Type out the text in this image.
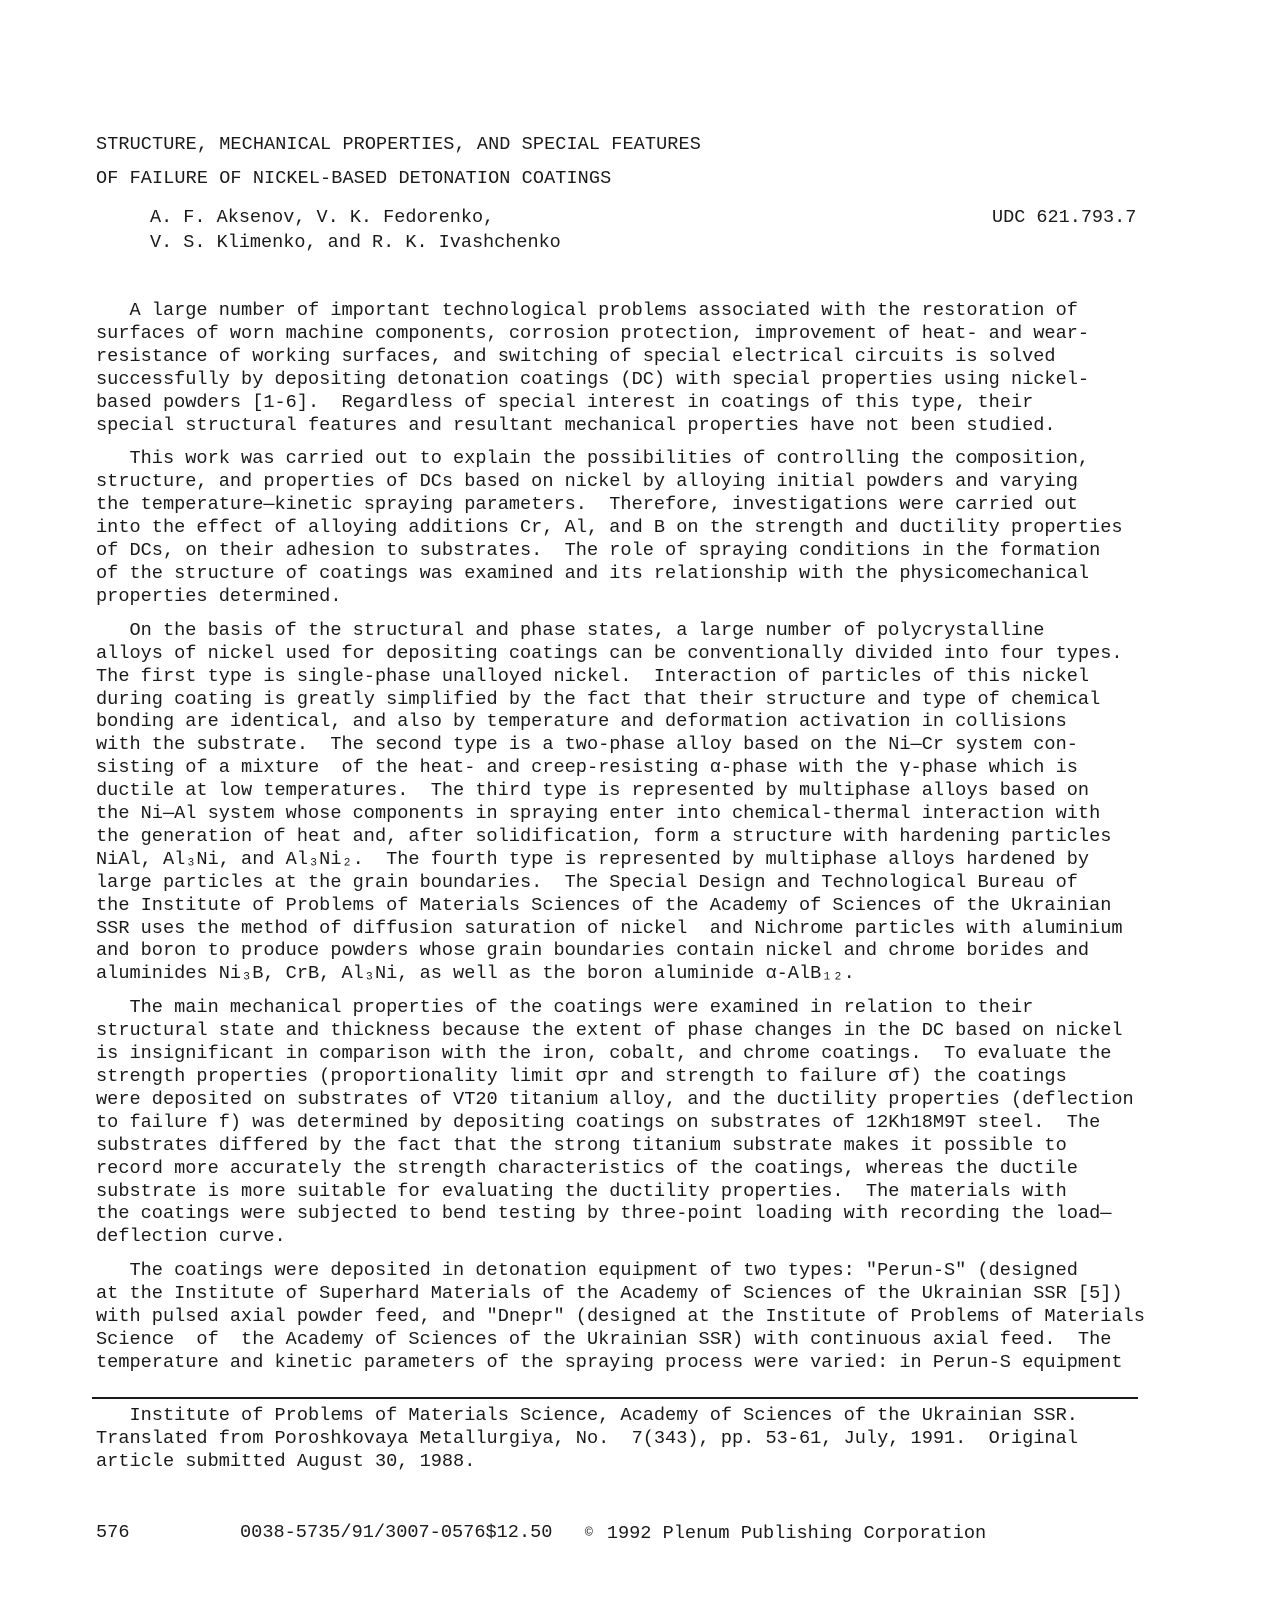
STRUCTURE, MECHANICAL PROPERTIES, AND SPECIAL FEATURES
OF FAILURE OF NICKEL-BASED DETONATION COATINGS
A. F. Aksenov, V. K. Fedorenko,
V. S. Klimenko, and R. K. Ivashchenko
UDC 621.793.7

A large number of important technological problems associated with the restoration of
surfaces of worn machine components, corrosion protection, improvement of heat- and wear-
resistance of working surfaces, and switching of special electrical circuits is solved
successfully by depositing detonation coatings (DC) with special properties using nickel-
based powders [1-6].  Regardless of special interest in coatings of this type, their
special structural features and resultant mechanical properties have not been studied.

This work was carried out to explain the possibilities of controlling the composition,
structure, and properties of DCs based on nickel by alloying initial powders and varying
the temperature—kinetic spraying parameters.  Therefore, investigations were carried out
into the effect of alloying additions Cr, Al, and B on the strength and ductility properties
of DCs, on their adhesion to substrates.  The role of spraying conditions in the formation
of the structure of coatings was examined and its relationship with the physicomechanical
properties determined.

On the basis of the structural and phase states, a large number of polycrystalline
alloys of nickel used for depositing coatings can be conventionally divided into four types.
The first type is single-phase unalloyed nickel.  Interaction of particles of this nickel
during coating is greatly simplified by the fact that their structure and type of chemical
bonding are identical, and also by temperature and deformation activation in collisions
with the substrate.  The second type is a two-phase alloy based on the Ni—Cr system con-
sisting of a mixture  of the heat- and creep-resisting α-phase with the γ-phase which is
ductile at low temperatures.  The third type is represented by multiphase alloys based on
the Ni—Al system whose components in spraying enter into chemical-thermal interaction with
the generation of heat and, after solidification, form a structure with hardening particles
NiAl, Al₃Ni, and Al₃Ni₂.  The fourth type is represented by multiphase alloys hardened by
large particles at the grain boundaries.  The Special Design and Technological Bureau of
the Institute of Problems of Materials Sciences of the Academy of Sciences of the Ukrainian
SSR uses the method of diffusion saturation of nickel  and Nichrome particles with aluminium
and boron to produce powders whose grain boundaries contain nickel and chrome borides and
aluminides Ni₃B, CrB, Al₃Ni, as well as the boron aluminide α-AlB₁₂.

The main mechanical properties of the coatings were examined in relation to their
structural state and thickness because the extent of phase changes in the DC based on nickel
is insignificant in comparison with the iron, cobalt, and chrome coatings.  To evaluate the
strength properties (proportionality limit σpr and strength to failure σf) the coatings
were deposited on substrates of VT20 titanium alloy, and the ductility properties (deflection
to failure f) was determined by depositing coatings on substrates of 12Kh18M9T steel.  The
substrates differed by the fact that the strong titanium substrate makes it possible to
record more accurately the strength characteristics of the coatings, whereas the ductile
substrate is more suitable for evaluating the ductility properties.  The materials with
the coatings were subjected to bend testing by three-point loading with recording the load—
deflection curve.

The coatings were deposited in detonation equipment of two types: "Perun-S" (designed
at the Institute of Superhard Materials of the Academy of Sciences of the Ukrainian SSR [5])
with pulsed axial powder feed, and "Dnepr" (designed at the Institute of Problems of Materials
Science  of  the Academy of Sciences of the Ukrainian SSR) with continuous axial feed.  The
temperature and kinetic parameters of the spraying process were varied: in Perun-S equipment

Institute of Problems of Materials Science, Academy of Sciences of the Ukrainian SSR.
Translated from Poroshkovaya Metallurgiya, No.  7(343), pp. 53-61, July, 1991.  Original
article submitted August 30, 1988.
576	0038-5735/91/3007-0576$12.50	© 1992 Plenum Publishing Corporation
